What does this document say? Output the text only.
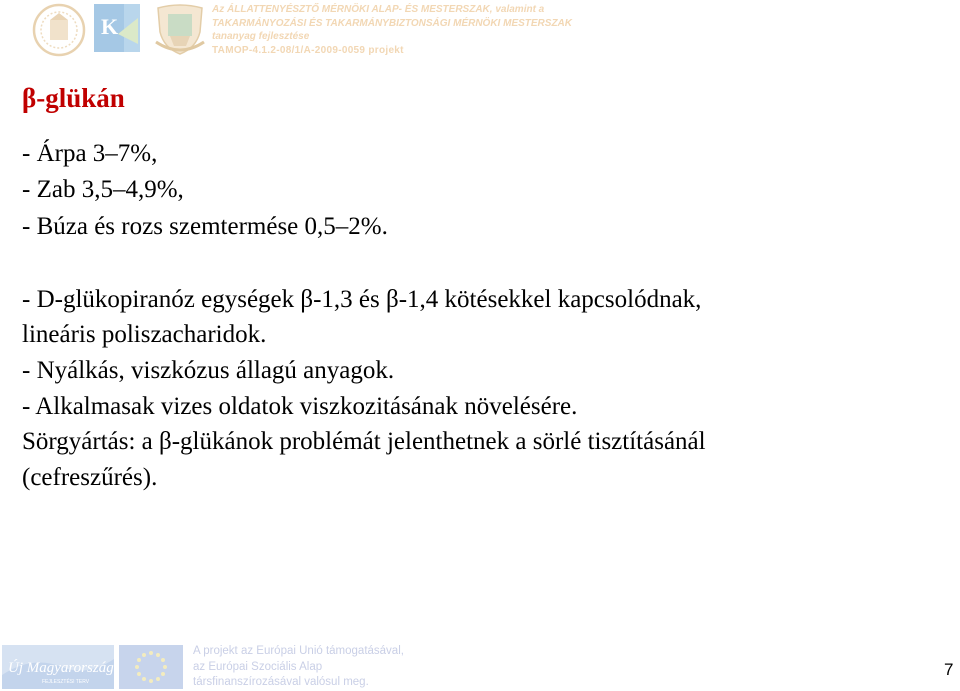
K
Az ÁLLATTENYÉSZTŐ MÉRNÖKI ALAP- ÉS MESTERSZAK, valamint a
TAKARMÁNYOZÁSI ÉS TAKARMÁNYBIZTONSÁGI MÉRNÖKI MESTERSZAK
tananyag fejlesztése
TAMOP-4.1.2-08/1/A-2009-0059 projekt
β-glükán
- Árpa 3–7%,
- Zab 3,5–4,9%,
- Búza és rozs szemtermése 0,5–2%.
- D-glükopiranóz egységek β-1,3 és β-1,4 kötésekkel kapcsolódnak,
lineáris poliszacharidok.
- Nyálkás, viszkózus állagú anyagok.
- Alkalmasak vizes oldatok viszkozitásának növelésére.
Sörgyártás: a β-glükánok problémát jelenthetnek a sörlé tisztításánál
(cefreszűrés).
Új Magyarország
FEJLESZTÉSI TERV
A projekt az Európai Unió támogatásával,
az Európai Szociális Alap
társfinanszírozásával valósul meg.
7
